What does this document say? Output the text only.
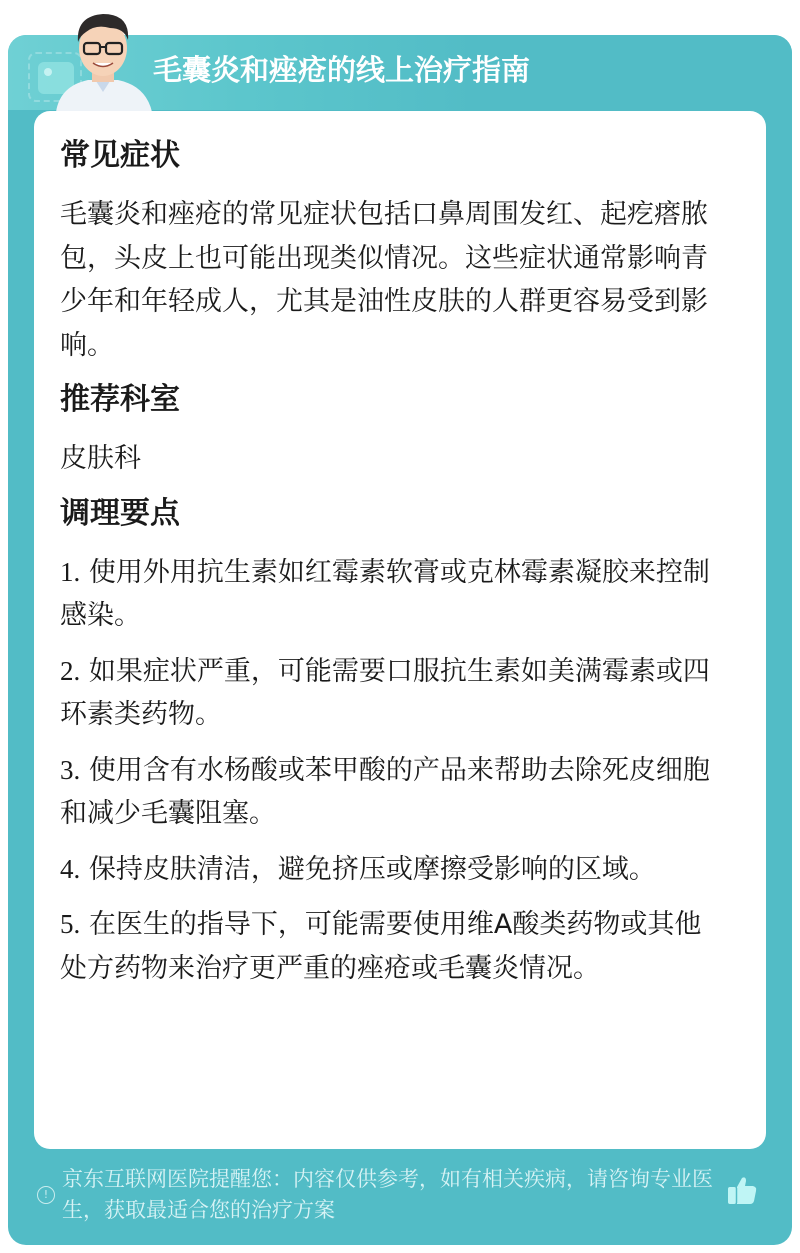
毛囊炎和痤疮的线上治疗指南
常见症状

毛囊炎和痤疮的常见症状包括口鼻周围发红、起疙瘩脓包，头皮上也可能出现类似情况。这些症状通常影响青少年和年轻成人，尤其是油性皮肤的人群更容易受到影响。

推荐科室

皮肤科

调理要点

1. 使用外用抗生素如红霉素软膏或克林霉素凝胶来控制感染。

2. 如果症状严重，可能需要口服抗生素如美满霉素或四环素类药物。

3. 使用含有水杨酸或苯甲酸的产品来帮助去除死皮细胞和减少毛囊阻塞。

4. 保持皮肤清洁，避免挤压或摩擦受影响的区域。

5. 在医生的指导下，可能需要使用维A酸类药物或其他处方药物来治疗更严重的痤疮或毛囊炎情况。

!
京东互联网医院提醒您：内容仅供参考，如有相关疾病，请咨询专业医生，获取最适合您的治疗方案
